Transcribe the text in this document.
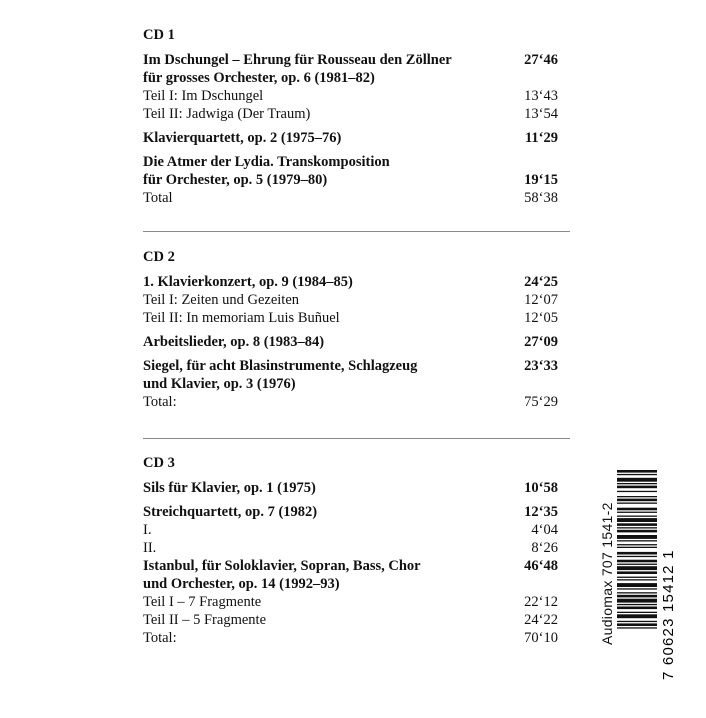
CD 1
Im Dschungel – Ehrung für Rousseau den Zöllner	27‘46
für grosses Orchester, op. 6 (1981–82)
Teil I: Im Dschungel	13‘43
Teil II: Jadwiga (Der Traum)	13‘54
Klavierquartett, op. 2 (1975–76)	11‘29
Die Atmer der Lydia. Transkomposition
für Orchester, op. 5 (1979–80)	19‘15
Total	58‘38
CD 2
1. Klavierkonzert, op. 9 (1984–85)	24‘25
Teil I: Zeiten und Gezeiten	12‘07
Teil II: In memoriam Luis Buñuel	12‘05
Arbeitslieder, op. 8 (1983–84)	27‘09
Siegel, für acht Blasinstrumente, Schlagzeug	23‘33
und Klavier, op. 3 (1976)
Total:	75‘29
CD 3
Sils für Klavier, op. 1 (1975)	10‘58
Streichquartett, op. 7 (1982)	12‘35
I.	4‘04
II.	8‘26
Istanbul, für Soloklavier, Sopran, Bass, Chor	46‘48
und Orchester, op. 14 (1992–93)
Teil I – 7 Fragmente	22‘12
Teil II – 5 Fragmente	24‘22
Total:	70‘10	Audiomax 707 1541-2	7 60623 15412 1
